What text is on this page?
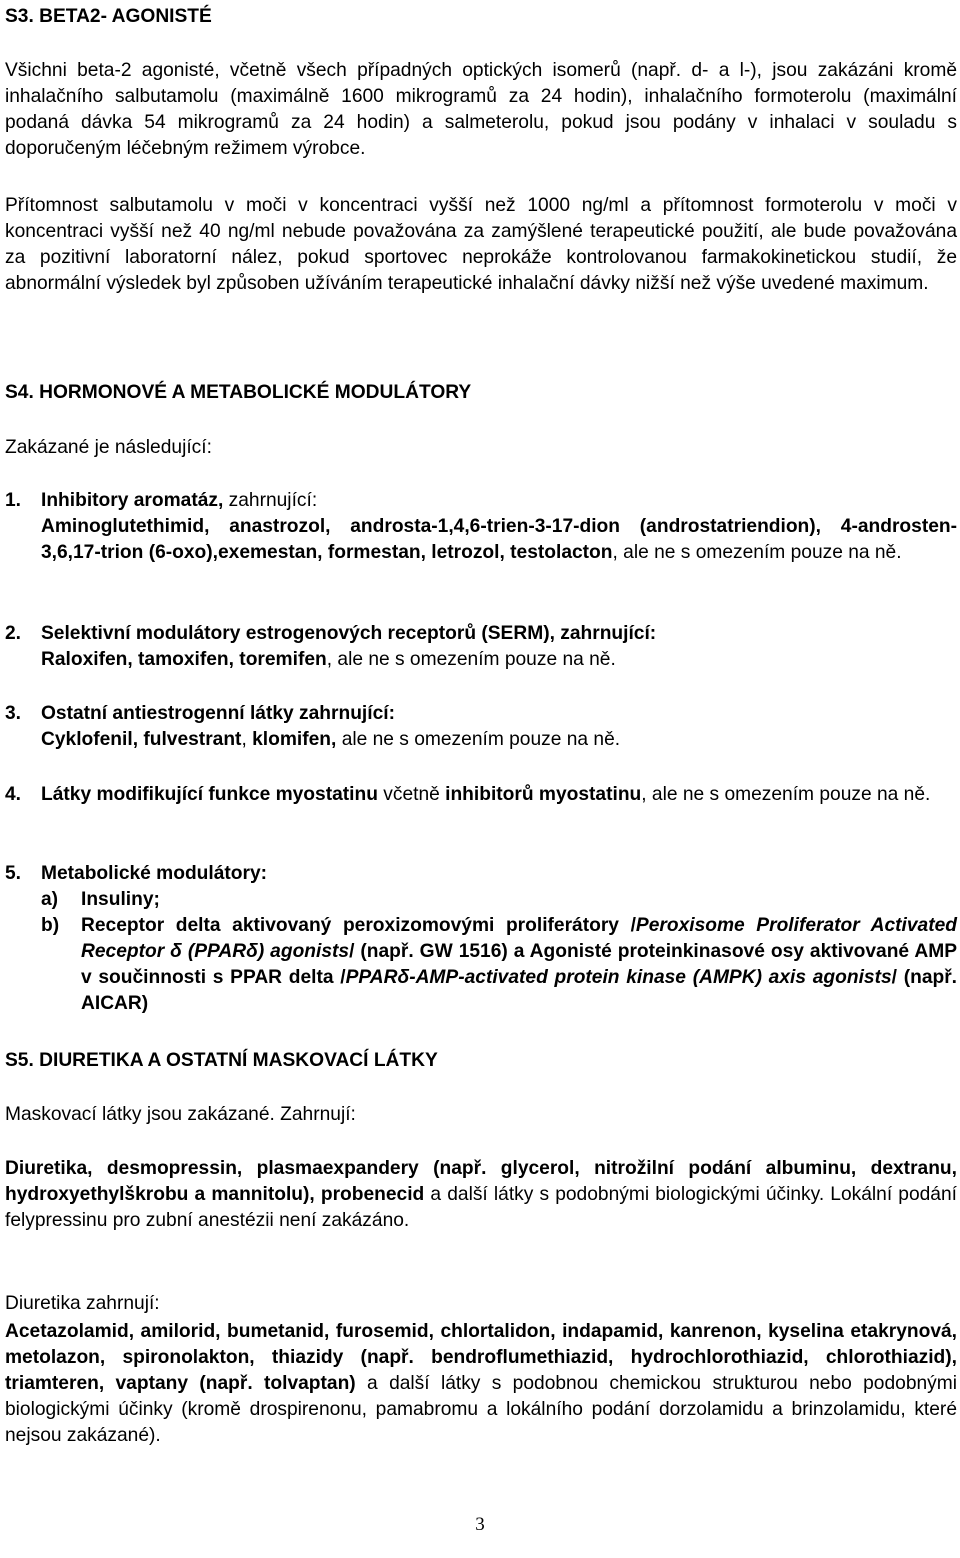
S3. BETA2- AGONISTÉ

Všichni beta-2 agonisté, včetně všech případných optických isomerů (např. d- a l-), jsou zakázáni kromě inhalačního salbutamolu (maximálně 1600 mikrogramů za 24 hodin), inhalačního formoterolu (maximální podaná dávka 54 mikrogramů za 24 hodin) a salmeterolu, pokud jsou podány v inhalaci v souladu s doporučeným léčebným režimem výrobce.

Přítomnost salbutamolu v moči v koncentraci vyšší než 1000 ng/ml a přítomnost formoterolu v moči v koncentraci vyšší než 40 ng/ml nebude považována za zamýšlené terapeutické použití, ale bude považována za pozitivní laboratorní nález, pokud sportovec neprokáže kontrolovanou farmakokinetickou studií, že abnormální výsledek byl způsoben užíváním terapeutické inhalační dávky nižší než výše uvedené maximum.

S4. HORMONOVÉ A METABOLICKÉ MODULÁTORY

Zakázané je následující:

1. Inhibitory aromatáz, zahrnující:
Aminoglutethimid, anastrozol, androsta-1,4,6-trien-3-17-dion (androstatriendion), 4-androsten-3,6,17-trion (6-oxo),exemestan, formestan, letrozol, testolacton, ale ne s omezením pouze na ně.
2. Selektivní modulátory estrogenových receptorů (SERM), zahrnující:
Raloxifen, tamoxifen, toremifen, ale ne s omezením pouze na ně.
3. Ostatní antiestrogenní látky zahrnující:
Cyklofenil, fulvestrant, klomifen, ale ne s omezením pouze na ně.
4. Látky modifikující funkce myostatinu včetně inhibitorů myostatinu, ale ne s omezením pouze na ně.
5. Metabolické modulátory:
a)	Insuliny;
b)	Receptor delta aktivovaný peroxizomovými proliferátory /Peroxisome Proliferator Activated Receptor δ (PPARδ) agonists/ (např. GW 1516) a Agonisté proteinkinasové osy aktivované AMP v součinnosti s PPAR delta /PPARδ-AMP-activated protein kinase (AMPK) axis agonists/ (např. AICAR)
S5. DIURETIKA A OSTATNÍ MASKOVACÍ LÁTKY

Maskovací látky jsou zakázané. Zahrnují:

Diuretika, desmopressin, plasmaexpandery (např. glycerol, nitrožilní podání albuminu, dextranu, hydroxyethylškrobu a mannitolu), probenecid a další látky s podobnými biologickými účinky. Lokální podání felypressinu pro zubní anestézii není zakázáno.

Diuretika zahrnují:

Acetazolamid, amilorid, bumetanid, furosemid, chlortalidon, indapamid, kanrenon, kyselina etakrynová, metolazon, spironolakton, thiazidy (např. bendroflumethiazid, hydrochlorothiazid, chlorothiazid), triamteren, vaptany (např. tolvaptan) a další látky s podobnou chemickou strukturou nebo podobnými biologickými účinky (kromě drospirenonu, pamabromu a lokálního podání dorzolamidu a brinzolamidu, které nejsou zakázané).

3
